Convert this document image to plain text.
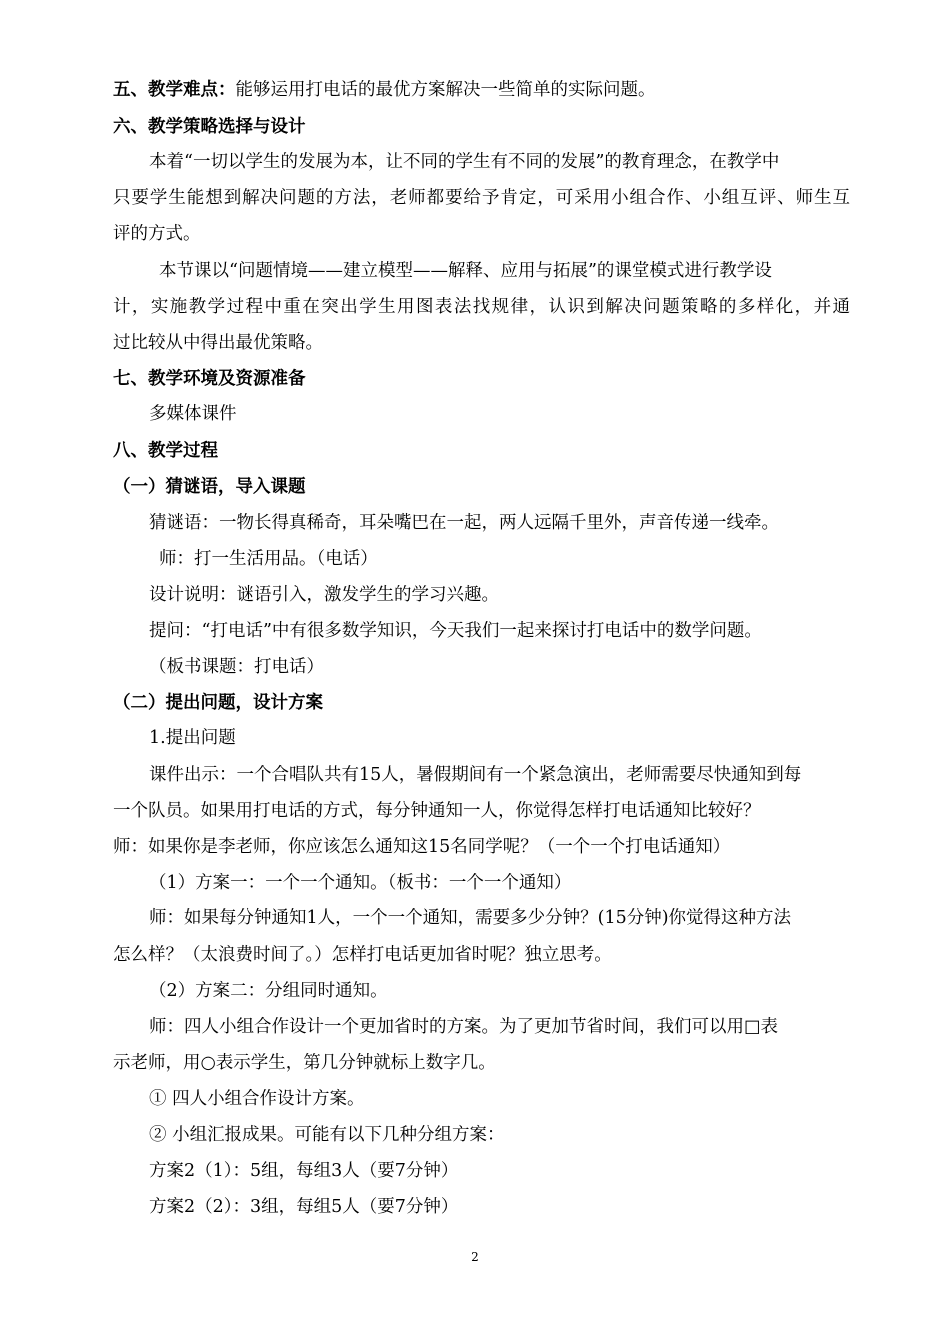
五、教学难点：能够运用打电话的最优方案解决一些简单的实际问题。
六、教学策略选择与设计
本着“一切以学生的发展为本，让不同的学生有不同的发展”的教育理念，在教学中
只要学生能想到解决问题的方法，老师都要给予肯定，可采用小组合作、小组互评、师生互
评的方式。
本节课以“问题情境——建立模型——解释、应用与拓展”的课堂模式进行教学设
计，实施教学过程中重在突出学生用图表法找规律，认识到解决问题策略的多样化，并通
过比较从中得出最优策略。
七、教学环境及资源准备
多媒体课件
八、教学过程
（一）猜谜语，导入课题
猜谜语：一物长得真稀奇，耳朵嘴巴在一起，两人远隔千里外，声音传递一线牵。
师：打一生活用品。（电话）
设计说明：谜语引入，激发学生的学习兴趣。
提问：“打电话”中有很多数学知识，今天我们一起来探讨打电话中的数学问题。
（板书课题：打电话）
（二）提出问题，设计方案
1.提出问题
课件出示：一个合唱队共有15人，暑假期间有一个紧急演出，老师需要尽快通知到每
一个队员。如果用打电话的方式，每分钟通知一人，你觉得怎样打电话通知比较好？
师：如果你是李老师，你应该怎么通知这15名同学呢？（一个一个打电话通知）
（1）方案一：一个一个通知。（板书：一个一个通知）
师：如果每分钟通知1人，一个一个通知，需要多少分钟？(15分钟)你觉得这种方法
怎么样？（太浪费时间了。）怎样打电话更加省时呢？独立思考。
（2）方案二：分组同时通知。
师：四人小组合作设计一个更加省时的方案。为了更加节省时间，我们可以用□表
示老师，用○表示学生，第几分钟就标上数字几。
① 四人小组合作设计方案。
② 小组汇报成果。可能有以下几种分组方案：
方案2（1）：5组，每组3人（要7分钟）
方案2（2）：3组，每组5人（要7分钟）
2
